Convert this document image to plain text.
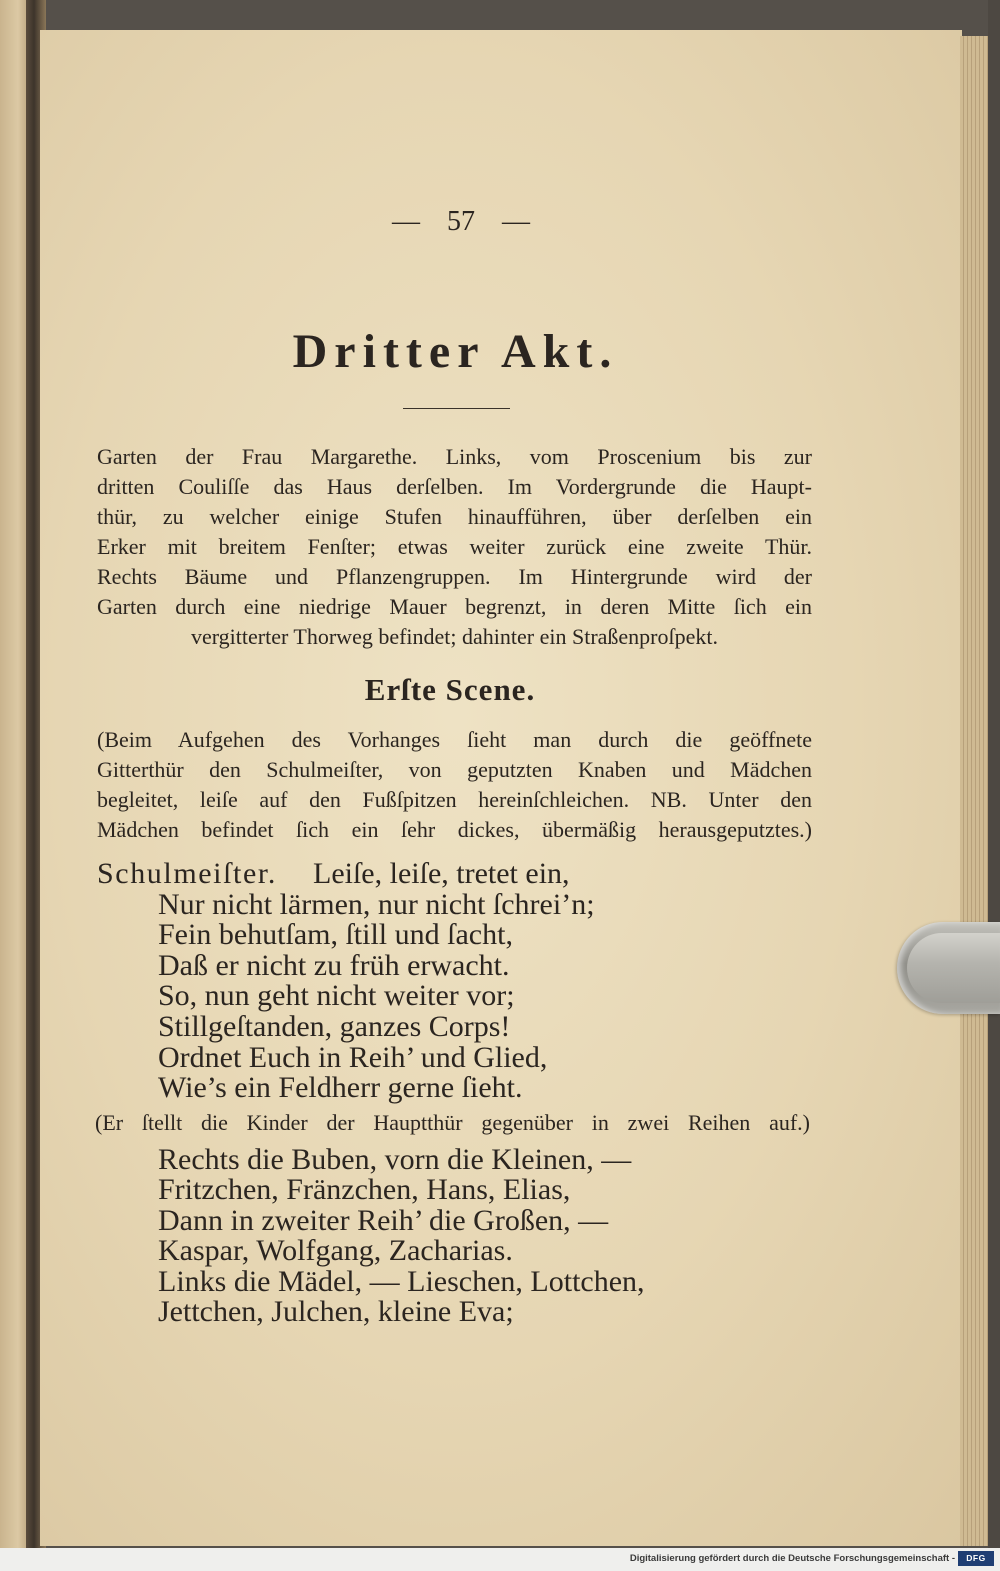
— 57 —
Dritter Akt.
Garten der Frau Margarethe. Links, vom Proscenium bis zur
dritten Couliſſe das Haus derſelben. Im Vordergrunde die Haupt-
thür, zu welcher einige Stufen hinaufführen, über derſelben ein
Erker mit breitem Fenſter; etwas weiter zurück eine zweite Thür.
Rechts Bäume und Pflanzengruppen. Im Hintergrunde wird der
Garten durch eine niedrige Mauer begrenzt, in deren Mitte ſich ein
vergitterter Thorweg befindet; dahinter ein Straßenproſpekt.
Erſte Scene.
(Beim Aufgehen des Vorhanges ſieht man durch die geöffnete
Gitterthür den Schulmeiſter, von geputzten Knaben und Mädchen
begleitet, leiſe auf den Fußſpitzen hereinſchleichen. NB. Unter den
Mädchen befindet ſich ein ſehr dickes, übermäßig herausgeputztes.)
Schulmeiſter. Leiſe, leiſe, tretet ein,
Nur nicht lärmen, nur nicht ſchrei’n;
Fein behutſam, ſtill und ſacht,
Daß er nicht zu früh erwacht.
So, nun geht nicht weiter vor;
Stillgeſtanden, ganzes Corps!
Ordnet Euch in Reih’ und Glied,
Wie’s ein Feldherr gerne ſieht.
(Er ſtellt die Kinder der Hauptthür gegenüber in zwei Reihen auf.)
Rechts die Buben, vorn die Kleinen, —
Fritzchen, Fränzchen, Hans, Elias,
Dann in zweiter Reih’ die Großen, —
Kaspar, Wolfgang, Zacharias.
Links die Mädel, — Lieschen, Lottchen,
Jettchen, Julchen, kleine Eva;
Digitalisierung gefördert durch die Deutsche Forschungsgemeinschaft -	DFG
